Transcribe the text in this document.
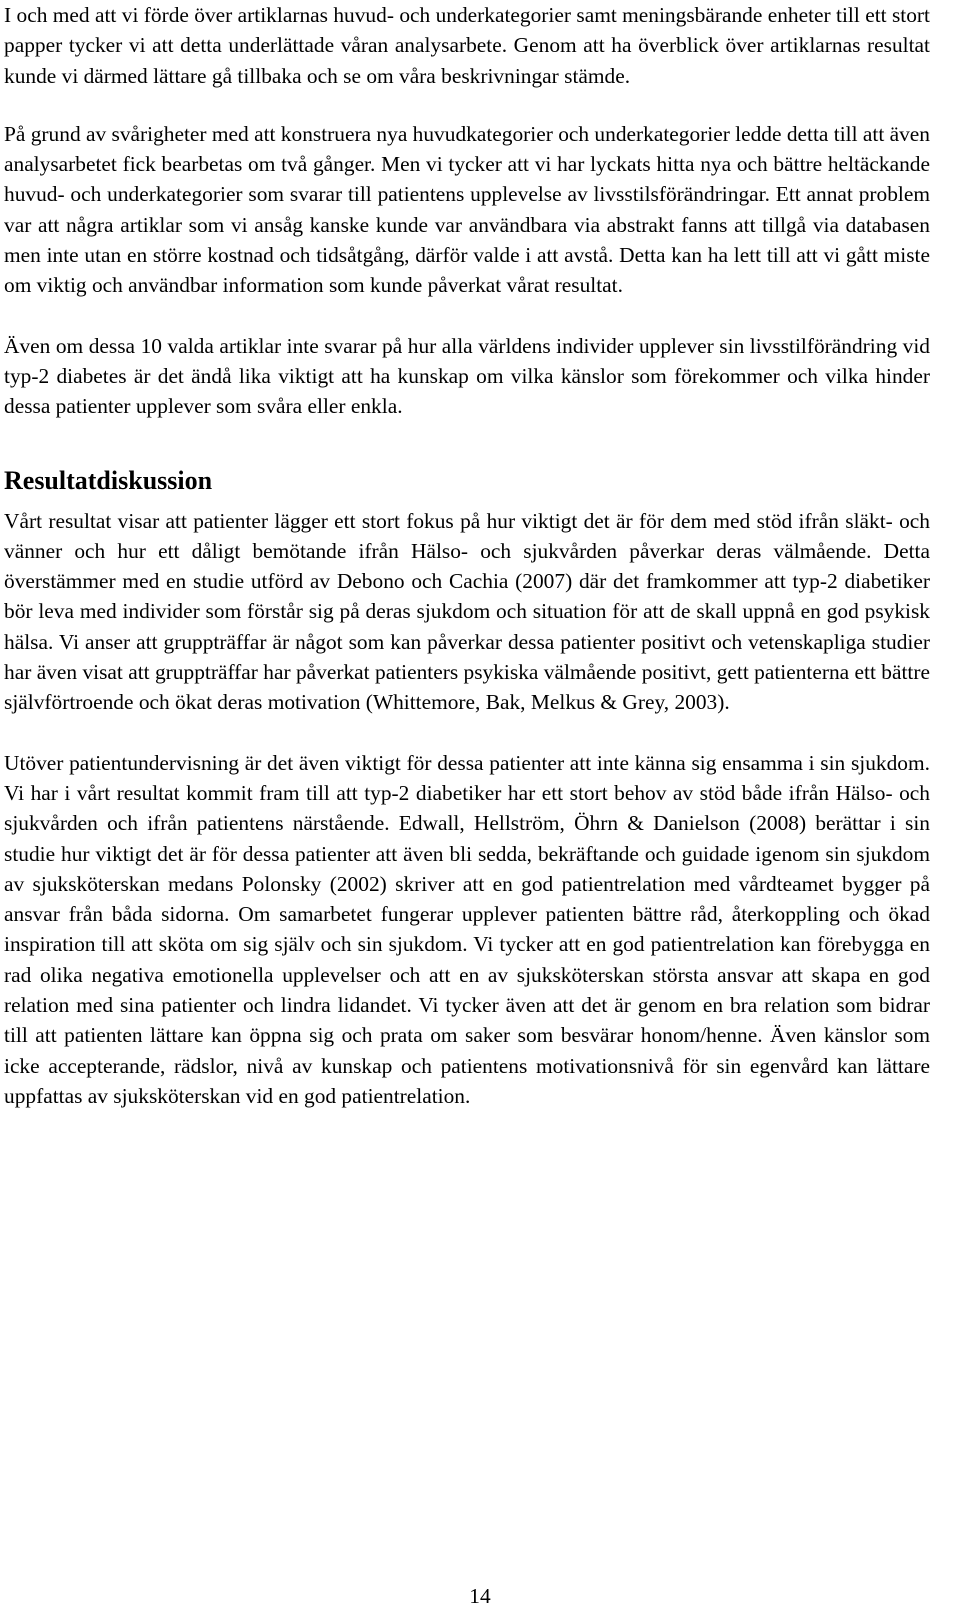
I och med att vi förde över artiklarnas huvud- och underkategorier samt meningsbärande enheter till ett stort papper tycker vi att detta underlättade våran analysarbete. Genom att ha överblick över artiklarnas resultat kunde vi därmed lättare gå tillbaka och se om våra beskrivningar stämde.

På grund av svårigheter med att konstruera nya huvudkategorier och underkategorier ledde detta till att även analysarbetet fick bearbetas om två gånger. Men vi tycker att vi har lyckats hitta nya och bättre heltäckande huvud- och underkategorier som svarar till patientens upplevelse av livsstilsförändringar. Ett annat problem var att några artiklar som vi ansåg kanske kunde var användbara via abstrakt fanns att tillgå via databasen men inte utan en större kostnad och tidsåtgång, därför valde i att avstå. Detta kan ha lett till att vi gått miste om viktig och användbar information som kunde påverkat vårat resultat.

Även om dessa 10 valda artiklar inte svarar på hur alla världens individer upplever sin livsstilförändring vid typ-2 diabetes är det ändå lika viktigt att ha kunskap om vilka känslor som förekommer och vilka hinder dessa patienter upplever som svåra eller enkla.

Resultatdiskussion

Vårt resultat visar att patienter lägger ett stort fokus på hur viktigt det är för dem med stöd ifrån släkt- och vänner och hur ett dåligt bemötande ifrån Hälso- och sjukvården påverkar deras välmående. Detta överstämmer med en studie utförd av Debono och Cachia (2007) där det framkommer att typ-2 diabetiker bör leva med individer som förstår sig på deras sjukdom och situation för att de skall uppnå en god psykisk hälsa. Vi anser att gruppträffar är något som kan påverkar dessa patienter positivt och vetenskapliga studier har även visat att gruppträffar har påverkat patienters psykiska välmående positivt, gett patienterna ett bättre självförtroende och ökat deras motivation (Whittemore, Bak, Melkus & Grey, 2003).

Utöver patientundervisning är det även viktigt för dessa patienter att inte känna sig ensamma i sin sjukdom. Vi har i vårt resultat kommit fram till att typ-2 diabetiker har ett stort behov av stöd både ifrån Hälso- och sjukvården och ifrån patientens närstående. Edwall, Hellström, Öhrn & Danielson (2008) berättar i sin studie hur viktigt det är för dessa patienter att även bli sedda, bekräftande och guidade igenom sin sjukdom av sjuksköterskan medans Polonsky (2002) skriver att en god patientrelation med vårdteamet bygger på ansvar från båda sidorna. Om samarbetet fungerar upplever patienten bättre råd, återkoppling och ökad inspiration till att sköta om sig själv och sin sjukdom. Vi tycker att en god patientrelation kan förebygga en rad olika negativa emotionella upplevelser och att en av sjuksköterskan största ansvar att skapa en god relation med sina patienter och lindra lidandet. Vi tycker även att det är genom en bra relation som bidrar till att patienten lättare kan öppna sig och prata om saker som besvärar honom/henne. Även känslor som icke accepterande, rädslor, nivå av kunskap och patientens motivationsnivå för sin egenvård kan lättare uppfattas av sjuksköterskan vid en god patientrelation.

14
